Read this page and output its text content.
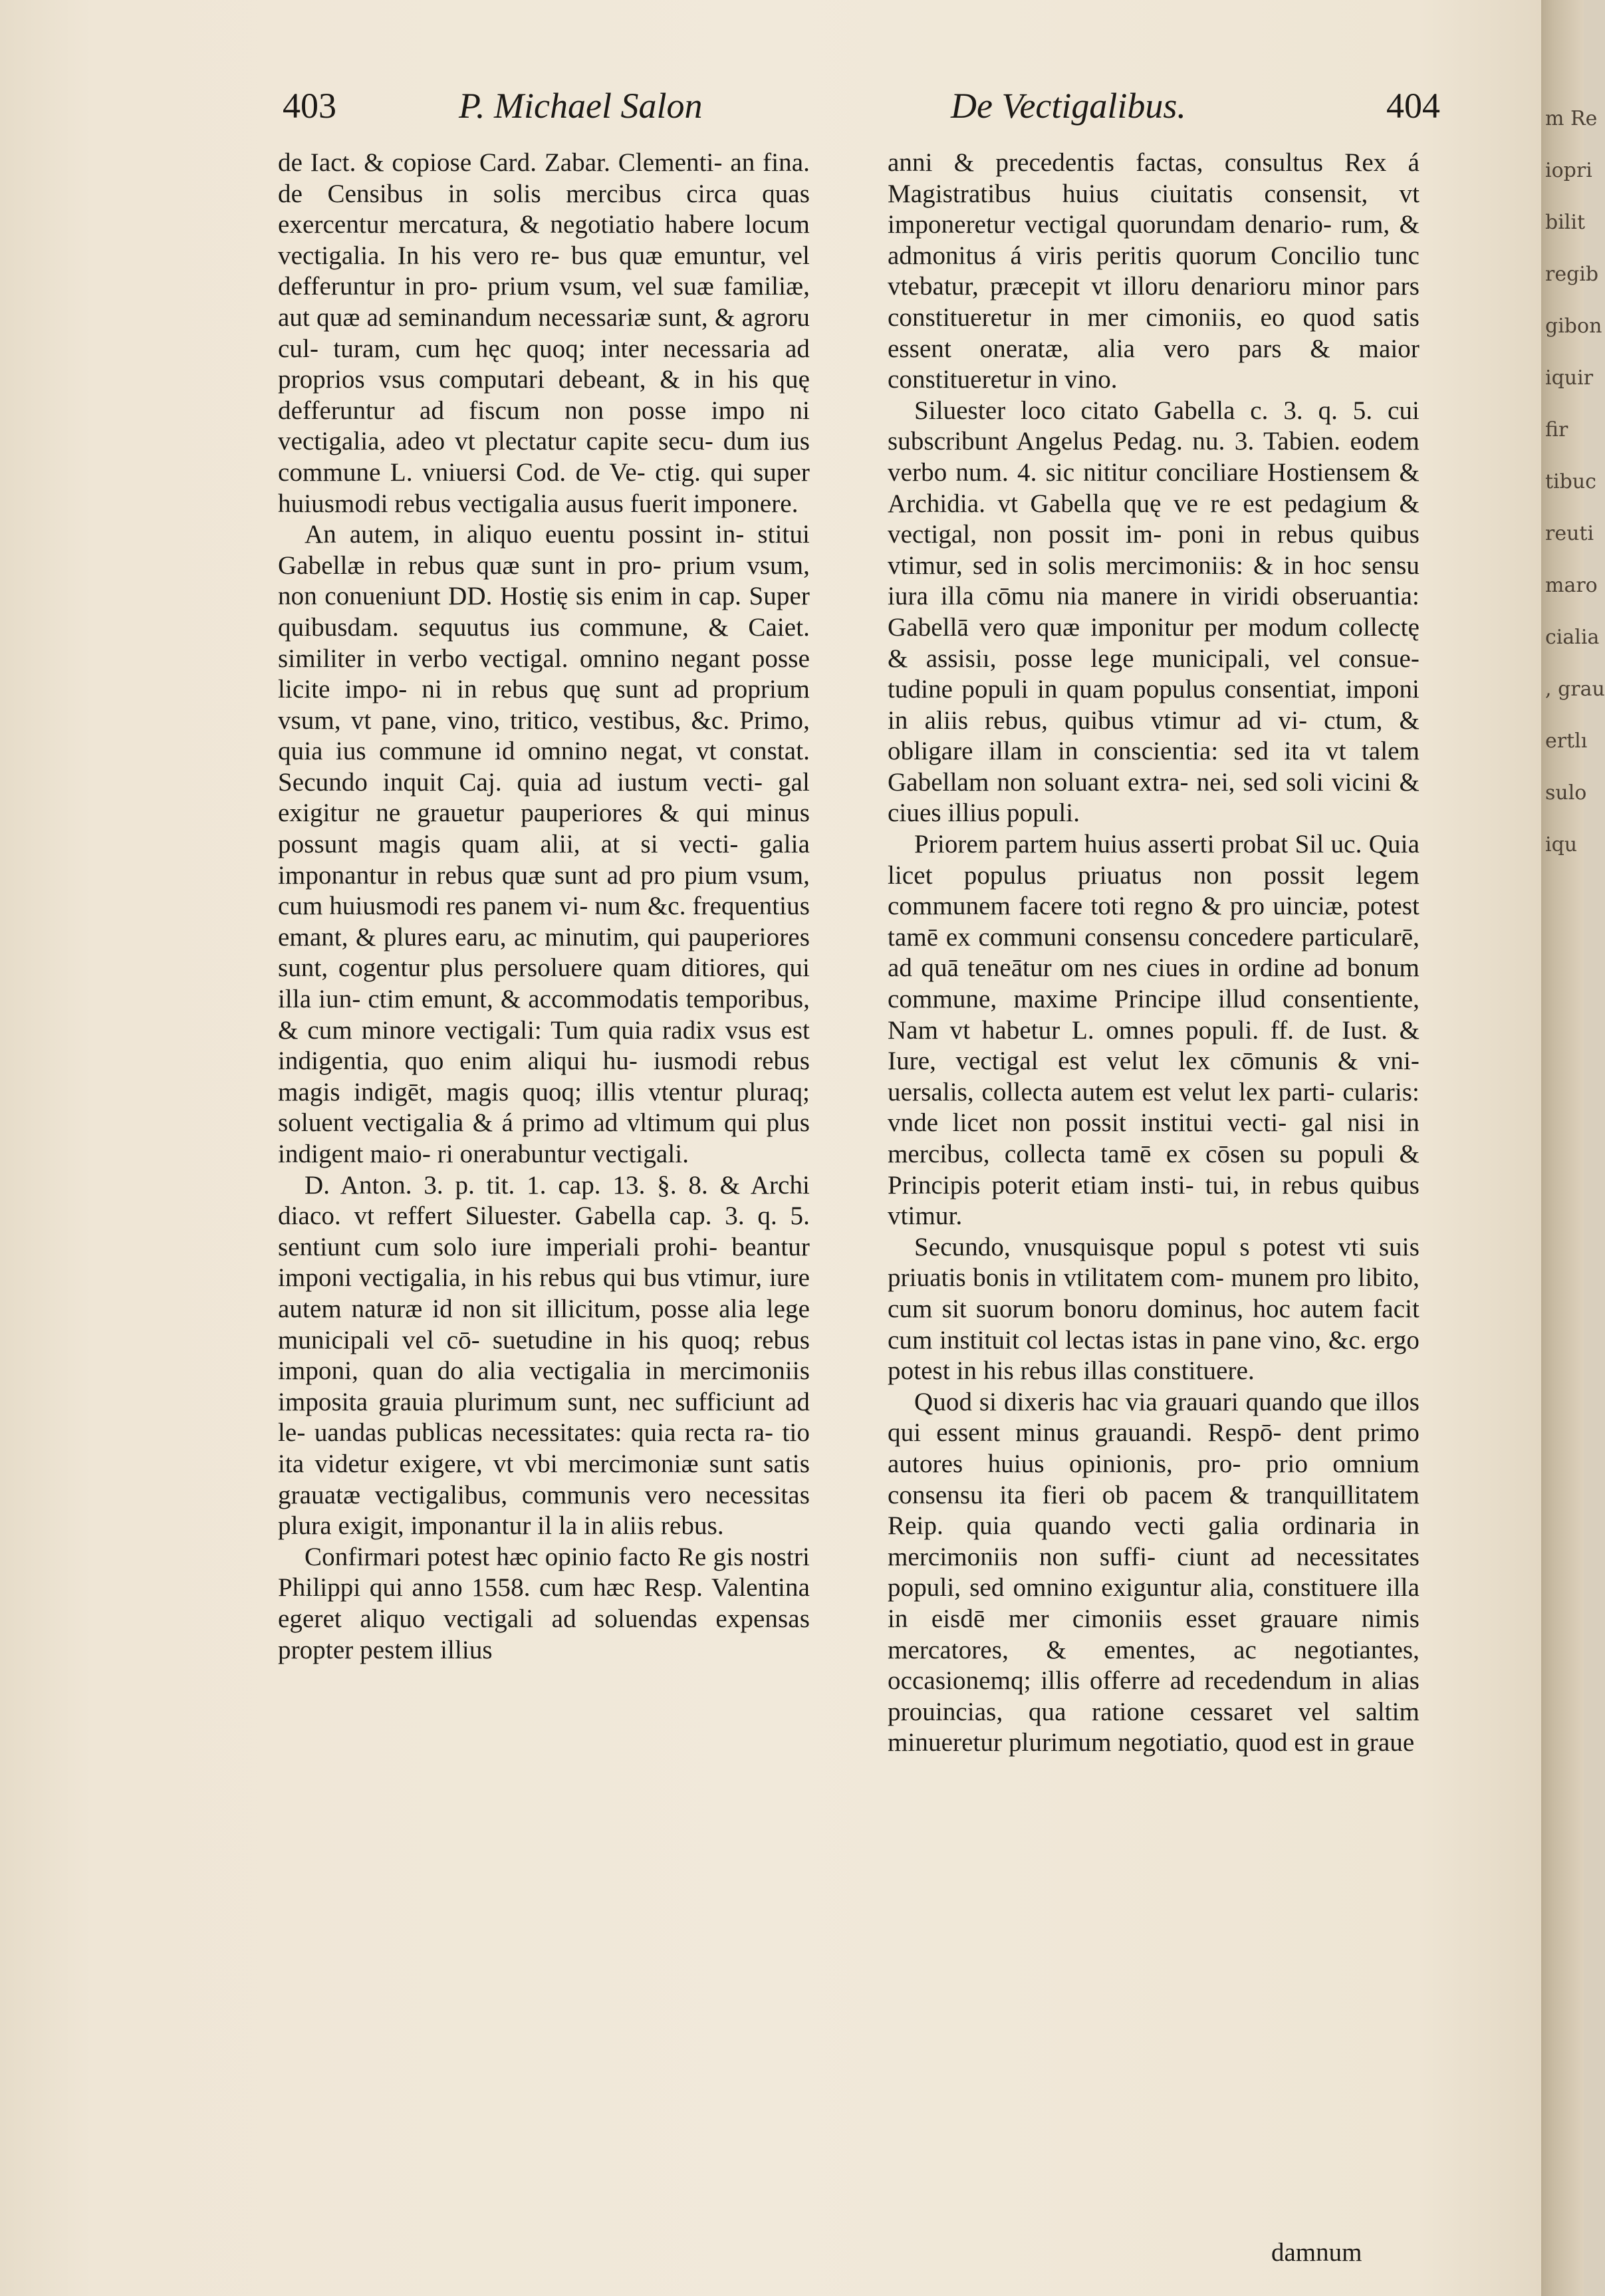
403	P. Michael Salon	De Vectigalibus.	404

de Iact. & copiose Card. Zabar. Clementi- an fina. de Censibus in solis mercibus circa quas exercentur mercatura, & negotiatio habere locum vectigalia. In his vero re- bus quæ emuntur, vel defferuntur in pro- prium vsum, vel suæ familiæ, aut quæ ad seminandum necessariæ sunt, & agroru cul- turam, cum hęc quoq; inter necessaria ad proprios vsus computari debeant, & in his quę defferuntur ad fiscum non posse impo ni vectigalia, adeo vt plectatur capite secu- dum ius commune L. vniuersi Cod. de Ve- ctig. qui super huiusmodi rebus vectigalia ausus fuerit imponere.

An autem, in aliquo euentu possint in- stitui Gabellæ in rebus quæ sunt in pro- prium vsum, non conueniunt DD. Hostię sis enim in cap. Super quibusdam. sequutus ius commune, & Caiet. similiter in verbo vectigal. omnino negant posse licite impo- ni in rebus quę sunt ad proprium vsum, vt pane, vino, tritico, vestibus, &c. Primo, quia ius commune id omnino negat, vt constat. Secundo inquit Caj. quia ad iustum vecti- gal exigitur ne grauetur pauperiores & qui minus possunt magis quam alii, at si vecti- galia imponantur in rebus quæ sunt ad pro pium vsum, cum huiusmodi res panem vi- num &c. frequentius emant, & plures earu, ac minutim, qui pauperiores sunt, cogentur plus persoluere quam ditiores, qui illa iun- ctim emunt, & accommodatis temporibus, & cum minore vectigali: Tum quia radix vsus est indigentia, quo enim aliqui hu- iusmodi rebus magis indigēt, magis quoq; illis vtentur pluraq; soluent vectigalia & á primo ad vltimum qui plus indigent maio- ri onerabuntur vectigali.

D. Anton. 3. p. tit. 1. cap. 13. §. 8. & Archi diaco. vt reffert Siluester. Gabella cap. 3. q. 5. sentiunt cum solo iure imperiali prohi- beantur imponi vectigalia, in his rebus qui bus vtimur, iure autem naturæ id non sit illicitum, posse alia lege municipali vel cō- suetudine in his quoq; rebus imponi, quan do alia vectigalia in mercimoniis imposita grauia plurimum sunt, nec sufficiunt ad le- uandas publicas necessitates: quia recta ra- tio ita videtur exigere, vt vbi mercimoniæ sunt satis grauatæ vectigalibus, communis vero necessitas plura exigit, imponantur il la in aliis rebus.

Confirmari potest hæc opinio facto Re gis nostri Philippi qui anno 1558. cum hæc Resp. Valentina egeret aliquo vectigali ad soluendas expensas propter pestem illius

anni & precedentis factas, consultus Rex á Magistratibus huius ciuitatis consensit, vt imponeretur vectigal quorundam denario- rum, & admonitus á viris peritis quorum Concilio tunc vtebatur, præcepit vt illoru denarioru minor pars constitueretur in mer cimoniis, eo quod satis essent oneratæ, alia vero pars & maior constitueretur in vino.

Siluester loco citato Gabella c. 3. q. 5. cui subscribunt Angelus Pedag. nu. 3. Tabien. eodem verbo num. 4. sic nititur conciliare Hostiensem & Archidia. vt Gabella quę ve re est pedagium & vectigal, non possit im- poni in rebus quibus vtimur, sed in solis mercimoniis: & in hoc sensu iura illa cōmu nia manere in viridi obseruantia: Gabellā vero quæ imponitur per modum collectę & assisiı, posse lege municipali, vel consue- tudine populi in quam populus consentiat, imponi in aliis rebus, quibus vtimur ad vi- ctum, & obligare illam in conscientia: sed ita vt talem Gabellam non soluant extra- nei, sed soli vicini & ciues illius populi.

Priorem partem huius asserti probat Sil uc. Quia licet populus priuatus non possit legem communem facere toti regno & pro uinciæ, potest tamē ex communi consensu concedere particularē, ad quā teneātur om nes ciues in ordine ad bonum commune, maxime Principe illud consentiente, Nam vt habetur L. omnes populi. ff. de Iust. & Iure, vectigal est velut lex cōmunis & vni- uersalis, collecta autem est velut lex parti- cularis: vnde licet non possit institui vecti- gal nisi in mercibus, collecta tamē ex cōsen su populi & Principis poterit etiam insti- tui, in rebus quibus vtimur.

Secundo, vnusquisque popul s potest vti suis priuatis bonis in vtilitatem com- munem pro libito, cum sit suorum bonoru dominus, hoc autem facit cum instituit col lectas istas in pane vino, &c. ergo potest in his rebus illas constituere.

Quod si dixeris hac via grauari quando que illos qui essent minus grauandi. Respō- dent primo autores huius opinionis, pro- prio omnium consensu ita fieri ob pacem & tranquillitatem Reip. quia quando vecti galia ordinaria in mercimoniis non suffi- ciunt ad necessitates populi, sed omnino exiguntur alia, constituere illa in eisdē mer cimoniis esset grauare nimis mercatores, & ementes, ac negotiantes, occasionemq; illis offerre ad recedendum in alias prouincias, qua ratione cessaret vel saltim minueretur plurimum negotiatio, quod est in graue

damnum
m Re
iopri
bilit
regib
gibon
iquir
fir
tibuc
reuti
maro
cialia
, grau
ertlı
sulo
iqu
